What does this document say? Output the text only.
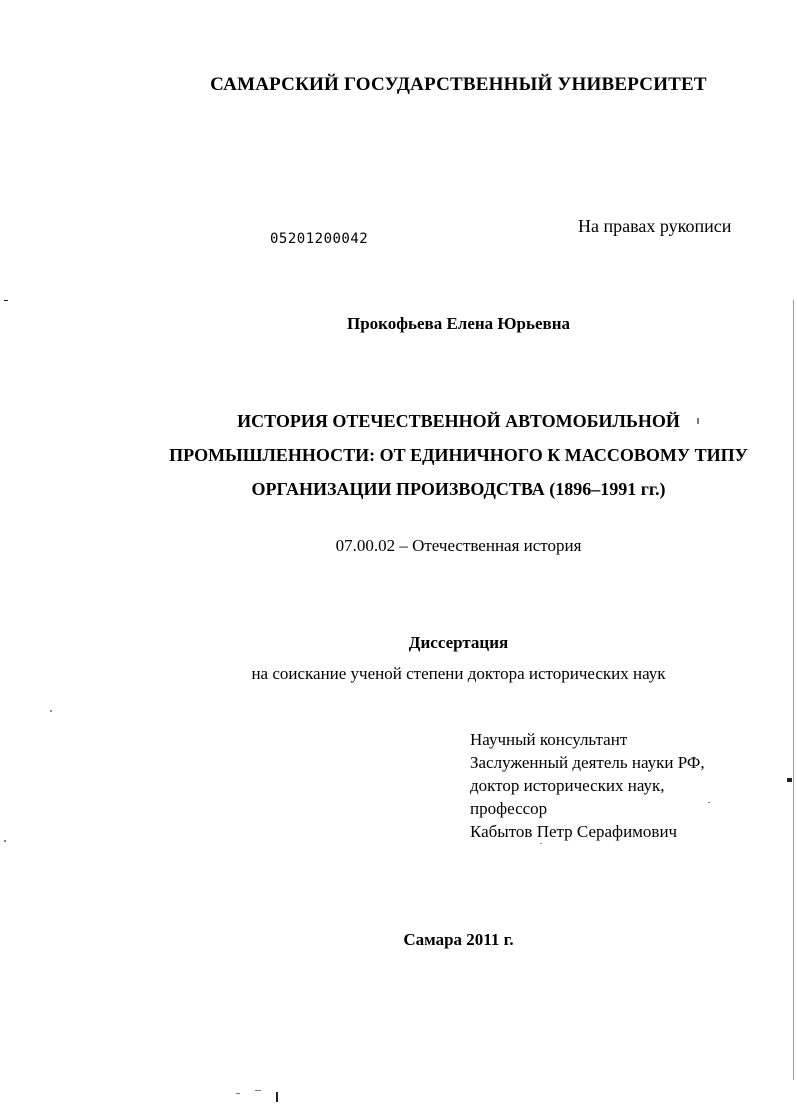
САМАРСКИЙ ГОСУДАРСТВЕННЫЙ УНИВЕРСИТЕТ
05201200042
На правах рукописи
Прокофьева Елена Юрьевна
ИСТОРИЯ ОТЕЧЕСТВЕННОЙ АВТОМОБИЛЬНОЙ
ПРОМЫШЛЕННОСТИ: ОТ ЕДИНИЧНОГО К МАССОВОМУ ТИПУ
ОРГАНИЗАЦИИ ПРОИЗВОДСТВА (1896–1991 гг.)
07.00.02 – Отечественная история
Диссертация
на соискание ученой степени доктора исторических наук
Научный консультант
Заслуженный деятель науки РФ,
доктор исторических наук,
профессор
Кабытов Петр Серафимович
Самара 2011 г.
